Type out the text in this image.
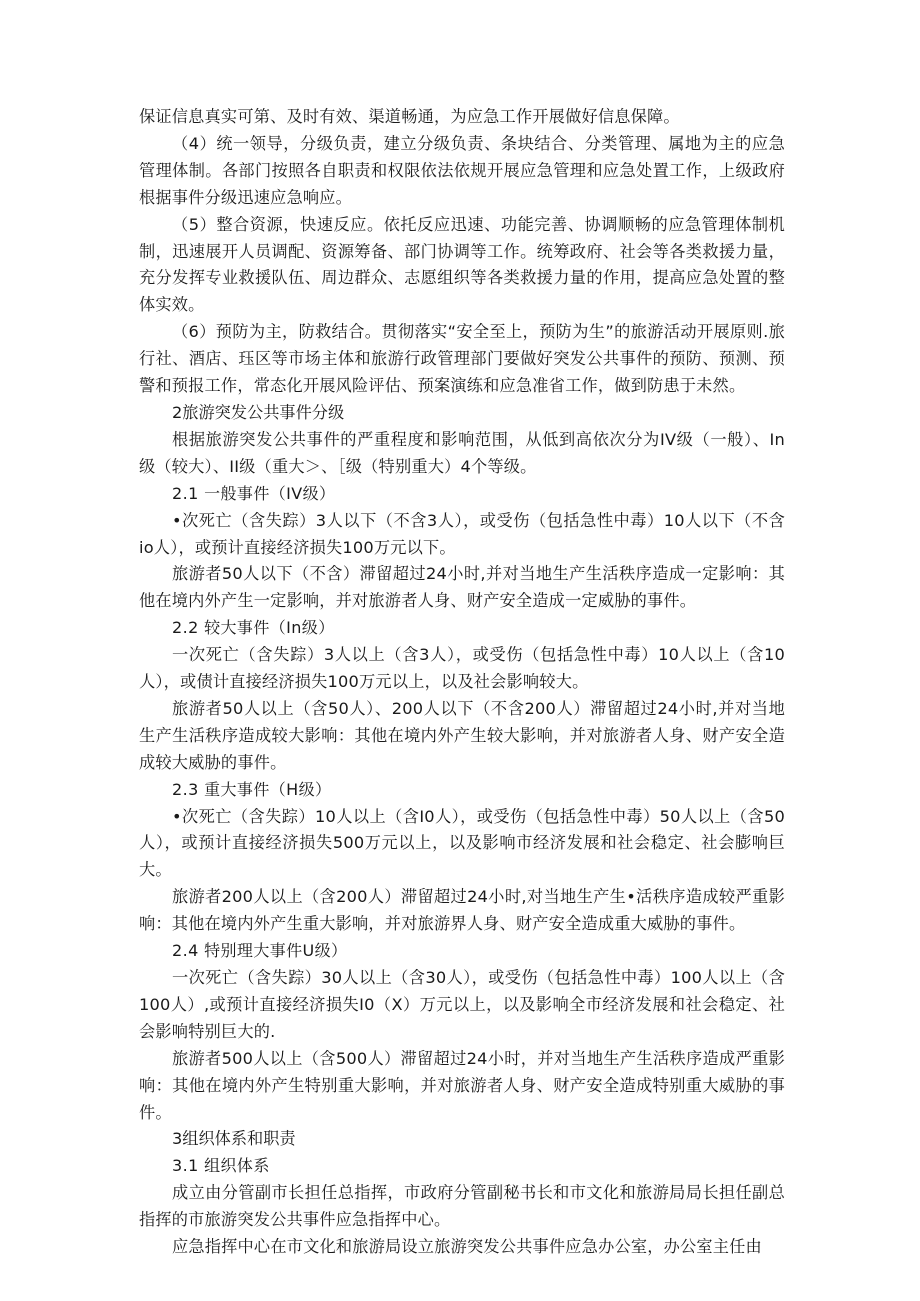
保证信息真实可第、及时有效、渠道畅通，为应急工作开展做好信息保障。

（4）统一领导，分级负责，建立分级负责、条块结合、分类管理、属地为主的应急管理体制。各部门按照各自职责和权限依法依规开展应急管理和应急处置工作，上级政府根据事件分级迅速应急响应。

（5）整合资源，快速反应。依托反应迅速、功能完善、协调顺畅的应急管理体制机制，迅速展开人员调配、资源筹备、部门协调等工作。统筹政府、社会等各类救援力量，充分发挥专业救援队伍、周边群众、志愿组织等各类救援力量的作用，提高应急处置的整体实效。

（6）预防为主，防救结合。贯彻落实“安全至上，预防为生”的旅游活动开展原则.旅行社、酒店、珏区等市场主体和旅游行政管理部门要做好突发公共事件的预防、预测、预警和预报工作，常态化开展风险评估、预案演练和应急准省工作，做到防患于未然。

2旅游突发公共事件分级

根据旅游突发公共事件的严重程度和影响范围，从低到高依次分为IV级（一般）、In级（较大）、II级（重大＞、［级（特别重大）4个等级。

2.1 一般事件（IV级）

•次死亡（含失踪）3人以下（不含3人），或受伤（包括急性中毒）10人以下（不含io人），或预计直接经济损失100万元以下。

旅游者50人以下（不含）滞留超过24小时,并对当地生产生活秩序造成一定影响：其他在境内外产生一定影响，并对旅游者人身、财产安全造成一定威胁的事件。

2.2 较大事件（In级）

一次死亡（含失踪）3人以上（含3人），或受伤（包括急性中毒）10人以上（含10人），或债计直接经济损失100万元以上，以及社会影响较大。

旅游者50人以上（含50人）、200人以下（不含200人）滞留超过24小时,并对当地生产生活秩序造成较大影响：其他在境内外产生较大影响，并对旅游者人身、财产安全造成较大威胁的事件。

2.3 重大事件（H级）

•次死亡（含失踪）10人以上（含I0人），或受伤（包括急性中毒）50人以上（含50人），或预计直接经济损失500万元以上，以及影响市经济发展和社会稳定、社会膨响巨大。

旅游者200人以上（含200人）滞留超过24小时,对当地生产生•活秩序造成较严重影响：其他在境内外产生重大影响，并对旅游界人身、财产安全造成重大威胁的事件。

2.4 特别理大事件U级）

一次死亡（含失踪）30人以上（含30人），或受伤（包括急性中毒）100人以上（含100人）,或预计直接经济损失I0（X）万元以上，以及影响全市经济发展和社会稳定、社会影响特别巨大的.

旅游者500人以上（含500人）滞留超过24小时，并对当地生产生活秩序造成严重影响：其他在境内外产生特别重大影响，并对旅游者人身、财产安全造成特别重大威胁的事件。

3组织体系和职责

3.1 组织体系

成立由分管副市长担任总指挥，市政府分管副秘书长和市文化和旅游局局长担任副总指挥的市旅游突发公共事件应急指挥中心。

应急指挥中心在市文化和旅游局设立旅游突发公共事件应急办公室，办公室主任由
